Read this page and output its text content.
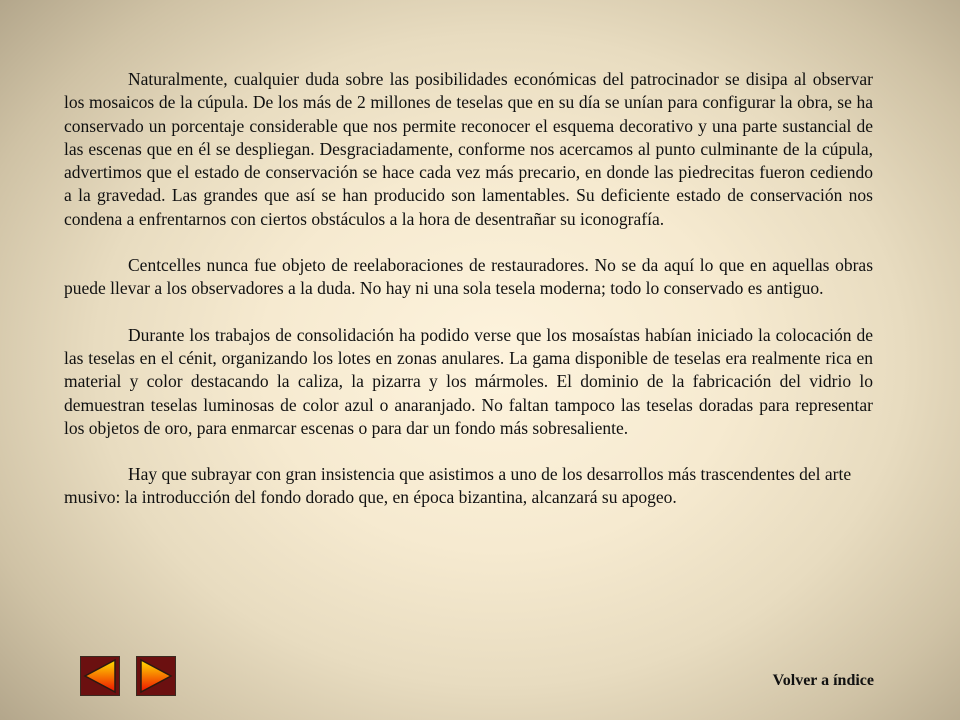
Naturalmente, cualquier duda sobre las posibilidades económicas del patrocinador se disipa al observar los mosaicos de la cúpula. De los más de 2 millones de teselas que en su día se unían para configurar la obra, se ha conservado un porcentaje considerable que nos permite reconocer el esquema decorativo y una parte sustancial de las escenas que en él se despliegan. Desgraciadamente, conforme nos acercamos al punto culminante de la cúpula, advertimos que el estado de conservación se hace cada vez más precario, en donde las piedrecitas fueron cediendo a la gravedad. Las grandes que así se han producido son lamentables. Su deficiente estado de conservación nos condena a enfrentarnos con ciertos obstáculos a la hora de desentrañar su iconografía.

Centcelles nunca fue objeto de reelaboraciones de restauradores. No se da aquí lo que en aquellas obras puede llevar a los observadores a la duda. No hay ni una sola tesela moderna; todo lo conservado es antiguo.

Durante los trabajos de consolidación ha podido verse que los mosaístas habían iniciado la colocación de las teselas en el cénit, organizando los lotes en zonas anulares. La gama disponible de teselas era realmente rica en material y color destacando la caliza, la pizarra y los mármoles. El dominio de la fabricación del vidrio lo demuestran teselas luminosas de color azul o anaranjado. No faltan tampoco las teselas doradas para representar los objetos de oro, para enmarcar escenas o para dar un fondo más sobresaliente.

Hay que subrayar con gran insistencia que asistimos a uno de los desarrollos más trascendentes del arte musivo: la introducción del fondo dorado que, en época bizantina, alcanzará su apogeo.

Volver a índice
